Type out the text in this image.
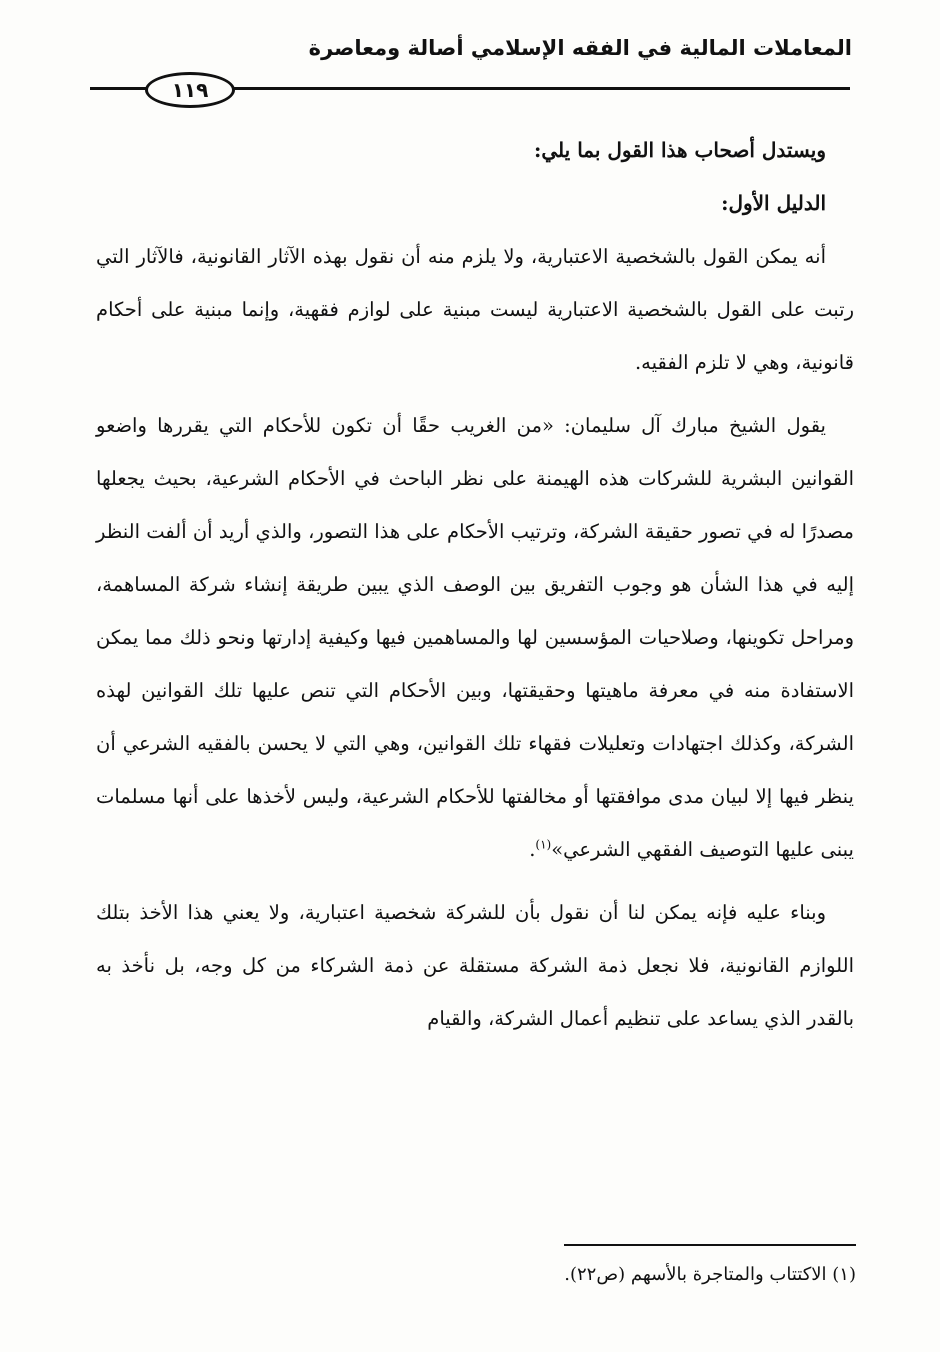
المعاملات المالية في الفقه الإسلامي أصالة ومعاصرة
١١٩

ويستدل أصحاب هذا القول بما يلي:

الدليل الأول:

أنه يمكن القول بالشخصية الاعتبارية، ولا يلزم منه أن نقول بهذه الآثار القانونية، فالآثار التي رتبت على القول بالشخصية الاعتبارية ليست مبنية على لوازم فقهية، وإنما مبنية على أحكام قانونية، وهي لا تلزم الفقيه.

يقول الشيخ مبارك آل سليمان: «من الغريب حقًا أن تكون للأحكام التي يقررها واضعو القوانين البشرية للشركات هذه الهيمنة على نظر الباحث في الأحكام الشرعية، بحيث يجعلها مصدرًا له في تصور حقيقة الشركة، وترتيب الأحكام على هذا التصور، والذي أريد أن ألفت النظر إليه في هذا الشأن هو وجوب التفريق بين الوصف الذي يبين طريقة إنشاء شركة المساهمة، ومراحل تكوينها، وصلاحيات المؤسسين لها والمساهمين فيها وكيفية إدارتها ونحو ذلك مما يمكن الاستفادة منه في معرفة ماهيتها وحقيقتها، وبين الأحكام التي تنص عليها تلك القوانين لهذه الشركة، وكذلك اجتهادات وتعليلات فقهاء تلك القوانين، وهي التي لا يحسن بالفقيه الشرعي أن ينظر فيها إلا لبيان مدى موافقتها أو مخالفتها للأحكام الشرعية، وليس لأخذها على أنها مسلمات يبنى عليها التوصيف الفقهي الشرعي»$^{(١)}$.

وبناء عليه فإنه يمكن لنا أن نقول بأن للشركة شخصية اعتبارية، ولا يعني هذا الأخذ بتلك اللوازم القانونية، فلا نجعل ذمة الشركة مستقلة عن ذمة الشركاء من كل وجه، بل نأخذ به بالقدر الذي يساعد على تنظيم أعمال الشركة، والقيام

(١) الاكتتاب والمتاجرة بالأسهم (ص٢٢).
